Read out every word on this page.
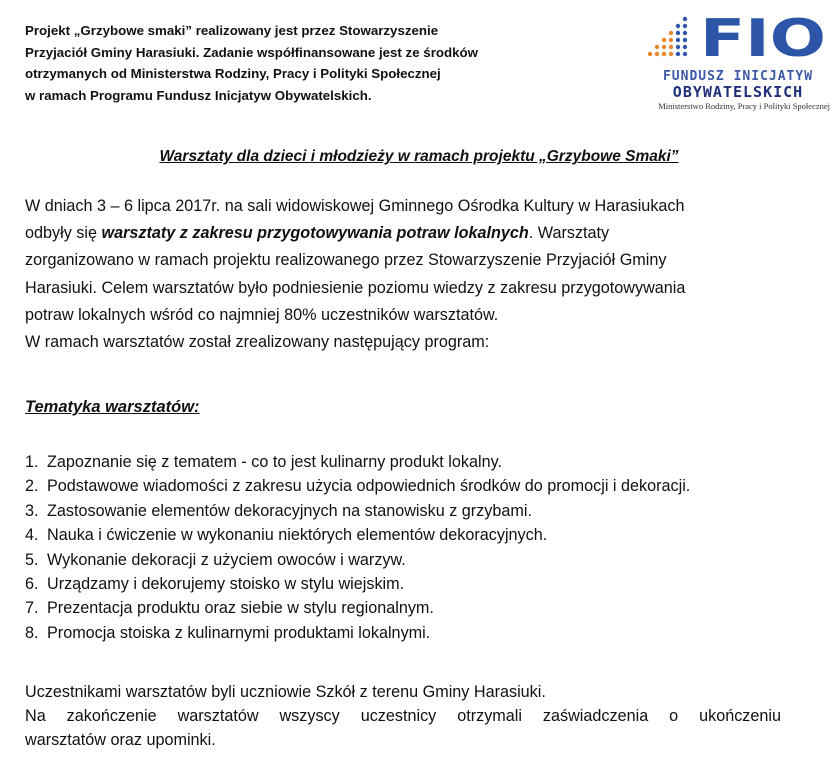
Projekt „Grzybowe smaki” realizowany jest przez Stowarzyszenie
Przyjaciół Gminy Harasiuki. Zadanie współfinansowane jest ze środków
otrzymanych od Ministerstwa Rodziny, Pracy i Polityki Społecznej
w ramach Programu Fundusz Inicjatyw Obywatelskich.
FIO
FUNDUSZ INICJATYW
OBYWATELSKICH
Ministerstwo Rodziny, Pracy i Polityki Społecznej
Warsztaty dla dzieci i młodzieży w ramach projektu „Grzybowe Smaki”
W dniach 3 – 6 lipca 2017r. na sali widowiskowej Gminnego Ośrodka Kultury w Harasiukach
odbyły się warsztaty z zakresu przygotowywania potraw lokalnych. Warsztaty
zorganizowano w ramach projektu realizowanego przez Stowarzyszenie Przyjaciół Gminy
Harasiuki. Celem warsztatów było podniesienie poziomu wiedzy z zakresu przygotowywania
potraw lokalnych wśród co najmniej 80% uczestników warsztatów.
W ramach warsztatów został zrealizowany następujący program:
Tematyka warsztatów:
1. Zapoznanie się z tematem - co to jest kulinarny produkt lokalny.
2. Podstawowe wiadomości z zakresu użycia odpowiednich środków do promocji i dekoracji.
3. Zastosowanie elementów dekoracyjnych na stanowisku z grzybami.
4. Nauka i ćwiczenie w wykonaniu niektórych elementów dekoracyjnych.
5. Wykonanie dekoracji z użyciem owoców i warzyw.
6. Urządzamy i dekorujemy stoisko w stylu wiejskim.
7. Prezentacja produktu oraz siebie w stylu regionalnym.
8. Promocja stoiska z kulinarnymi produktami lokalnymi.
Uczestnikami warsztatów byli uczniowie Szkół z terenu Gminy Harasiuki.
Na zakończenie warsztatów wszyscy uczestnicy otrzymali zaświadczenia o ukończeniu
warsztatów oraz upominki.
